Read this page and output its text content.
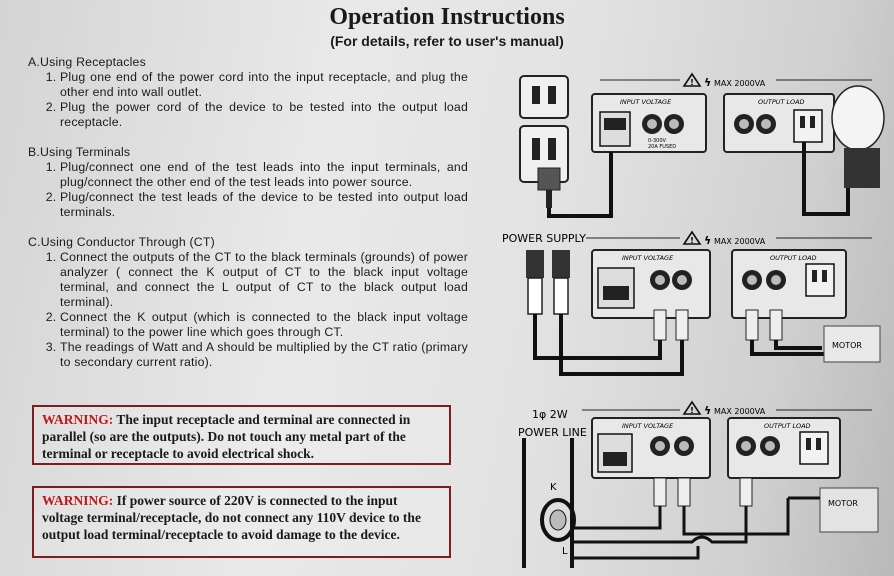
Operation Instructions
(For details, refer to user's manual)
A.Using Receptacles
1. Plug one end of the power cord into the input receptacle, and plug the other end into wall outlet.
2. Plug the power cord of the device to be tested into the output load receptacle.
B.Using Terminals
1. Plug/connect one end of the test leads into the input terminals, and plug/connect the other end of the test leads into power source.
2. Plug/connect the test leads of the device to be tested into output load terminals.
C.Using Conductor Through (CT)
1. Connect the outputs of the CT to the black terminals (grounds) of power analyzer ( connect the K output of CT to the black input voltage terminal, and connect the L output of CT to the black output load terminal).
2. Connect the K output (which is connected to the black input voltage terminal) to the power line which goes through CT.
3. The readings of Watt and A should be multiplied by the CT ratio (primary to secondary current ratio).
WARNING: The input receptacle and terminal are connected in parallel (so are the outputs). Do not touch any metal part of the terminal or receptacle to avoid electrical shock.
WARNING: If power source of 220V is connected to the input voltage terminal/receptacle, do not connect any 110V device to the output load terminal/receptacle to avoid damage to the device.
! ϟ MAX 2000VA
INPUT VOLTAGE
0-300V
20A FUSED
OUTPUT LOAD
POWER SUPPLY	! ϟ MAX 2000VA
INPUT VOLTAGE	OUTPUT LOAD
MOTOR
1φ 2W
POWER LINE
! ϟ MAX 2000VA
INPUT VOLTAGE	OUTPUT LOAD
K
L
MOTOR
